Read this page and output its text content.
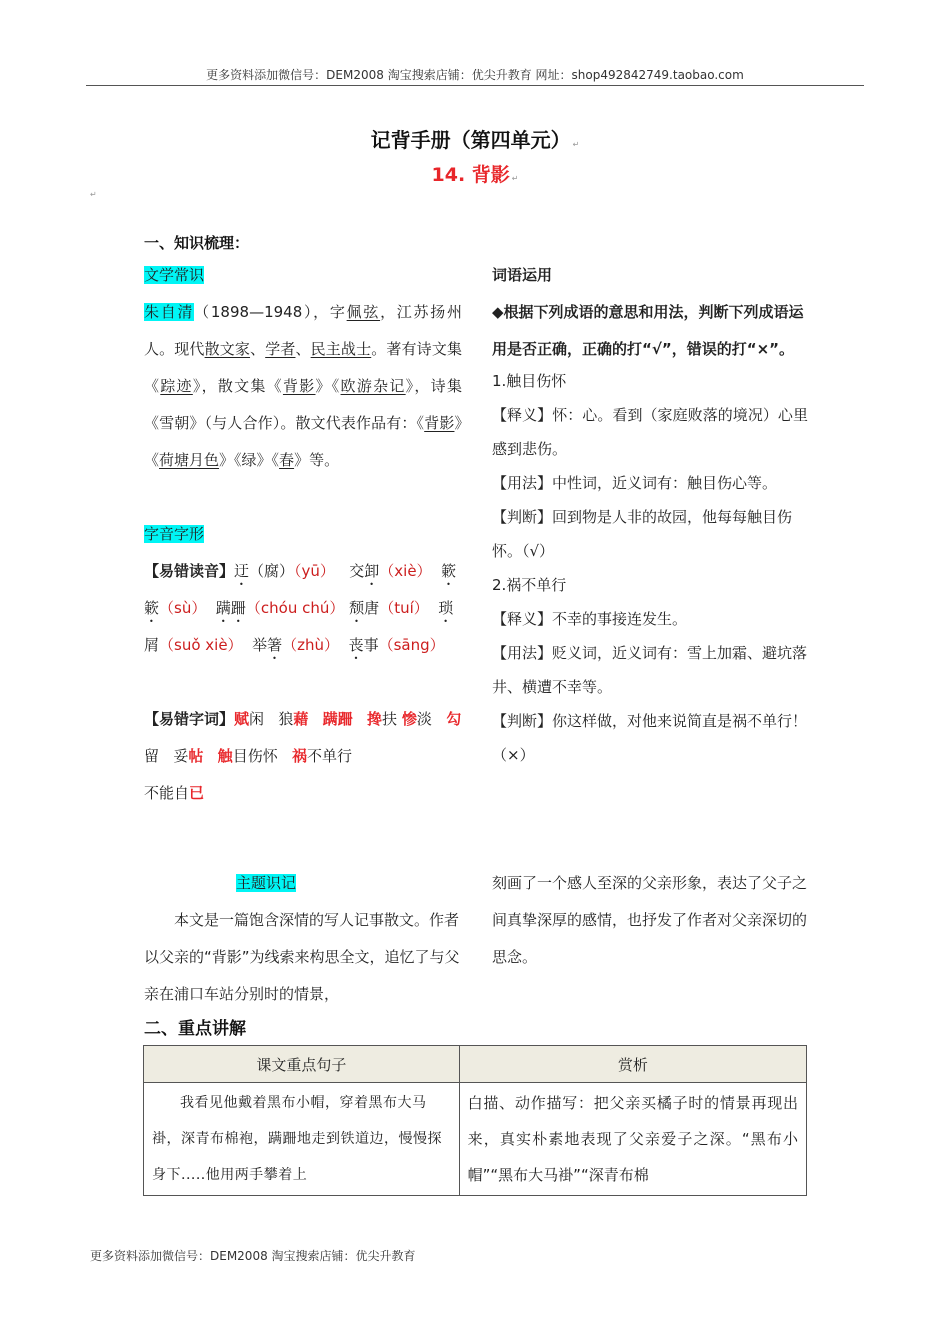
更多资料添加微信号：DEM2008 淘宝搜索店铺：优尖升教育 网址：shop492842749.taobao.com
记背手册（第四单元） ↵
14. 背影 ↵
↵
一、知识梳理：

文学常识

朱自清（1898—1948），字佩弦，江苏扬州人。现代散文家、学者、民主战士。著有诗文集《踪迹》，散文集《背影》《欧游杂记》，诗集《雪朝》（与人合作）。散文代表作品有：《背影》《荷塘月色》《绿》《春》等。

字音字形

【易错读音】迂（腐）（yū） 交卸（xiè） 簌簌（sù） 蹒跚（chóu chú） 颓唐（tuí） 琐屑（suǒ xiè） 举箸（zhù） 丧事（sāng）

【易错字词】赋闲 狼藉 蹒跚 搀扶 惨淡 勾留 妥帖 触目伤怀 祸不单行
不能自已

主题识记

本文是一篇饱含深情的写人记事散文。作者以父亲的“背影”为线索来构思全文，追忆了与父亲在浦口车站分别时的情景，

词语运用

◆根据下列成语的意思和用法，判断下列成语运用是否正确，正确的打“√”，错误的打“×”。

1.触目伤怀

【释义】怀：心。看到（家庭败落的境况）心里感到悲伤。

【用法】中性词，近义词有：触目伤心等。

【判断】回到物是人非的故园，他每每触目伤怀。（√）

2.祸不单行

【释义】不幸的事接连发生。

【用法】贬义词，近义词有：雪上加霜、避坑落井、横遭不幸等。

【判断】你这样做，对他来说简直是祸不单行！ （×）

刻画了一个感人至深的父亲形象，表达了父子之间真挚深厚的感情，也抒发了作者对父亲深切的思念。
二、重点讲解
课文重点句子	赏析
我看见他戴着黑布小帽，穿着黑布大马褂，深青布棉袍，蹒跚地走到铁道边，慢慢探身下.....他用两手攀着上	白描、动作描写：把父亲买橘子时的情景再现出来，真实朴素地表现了父亲爱子之深。“黑布小帽”“黑布大马褂”“深青布棉
更多资料添加微信号：DEM2008 淘宝搜索店铺：优尖升教育
